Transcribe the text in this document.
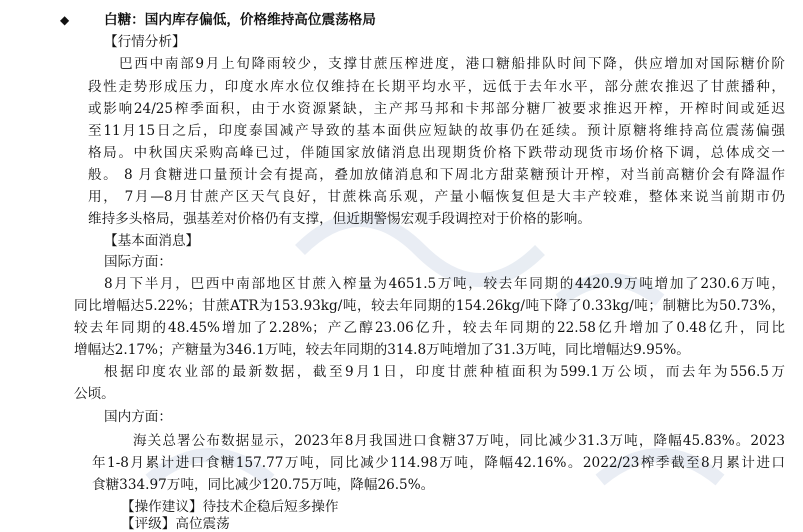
◆	白糖：国内库存偏低，价格维持高位震荡格局
【行情分析】
巴西中南部9月上旬降雨较少，支撑甘蔗压榨进度，港口糖船排队时间下降，供应增加对国际糖价阶
段性走势形成压力，印度水库水位仅维持在长期平均水平，远低于去年水平，部分蔗农推迟了甘蔗播种，
或影响24/25榨季面积，由于水资源紧缺，主产邦马邦和卡邦部分糖厂被要求推迟开榨，开榨时间或延迟
至11月15日之后，印度泰国减产导致的基本面供应短缺的故事仍在延续。预计原糖将维持高位震荡偏强
格局。中秋国庆采购高峰已过，伴随国家放储消息出现期货价格下跌带动现货市场价格下调，总体成交一
般。 8 月食糖进口量预计会有提高，叠加放储消息和下周北方甜菜糖预计开榨，对当前高糖价会有降温作
用， 7月—8月甘蔗产区天气良好，甘蔗株高乐观，产量小幅恢复但是大丰产较难，整体来说当前期市仍
维持多头格局，强基差对价格仍有支撑，但近期警惕宏观手段调控对于价格的影响。
【基本面消息】
国际方面：
8月下半月，巴西中南部地区甘蔗入榨量为4651.5万吨，较去年同期的4420.9万吨增加了230.6万吨，
同比增幅达5.22%；甘蔗ATR为153.93kg/吨，较去年同期的154.26kg/吨下降了0.33kg/吨；制糖比为50.73%，
较去年同期的48.45%增加了2.28%；产乙醇23.06亿升，较去年同期的22.58亿升增加了0.48亿升，同比
增幅达2.17%；产糖量为346.1万吨，较去年同期的314.8万吨增加了31.3万吨，同比增幅达9.95%。
根据印度农业部的最新数据，截至9月1日，印度甘蔗种植面积为599.1万公顷，而去年为556.5万
公顷。
国内方面：
海关总署公布数据显示，2023年8月我国进口食糖37万吨，同比减少31.3万吨，降幅45.83%。2023
年1-8月累计进口食糖157.77万吨，同比减少114.98万吨，降幅42.16%。2022/23榨季截至8月累计进口
食糖334.97万吨，同比减少120.75万吨，降幅26.5%。
【操作建议】待技术企稳后短多操作
【评级】高位震荡
